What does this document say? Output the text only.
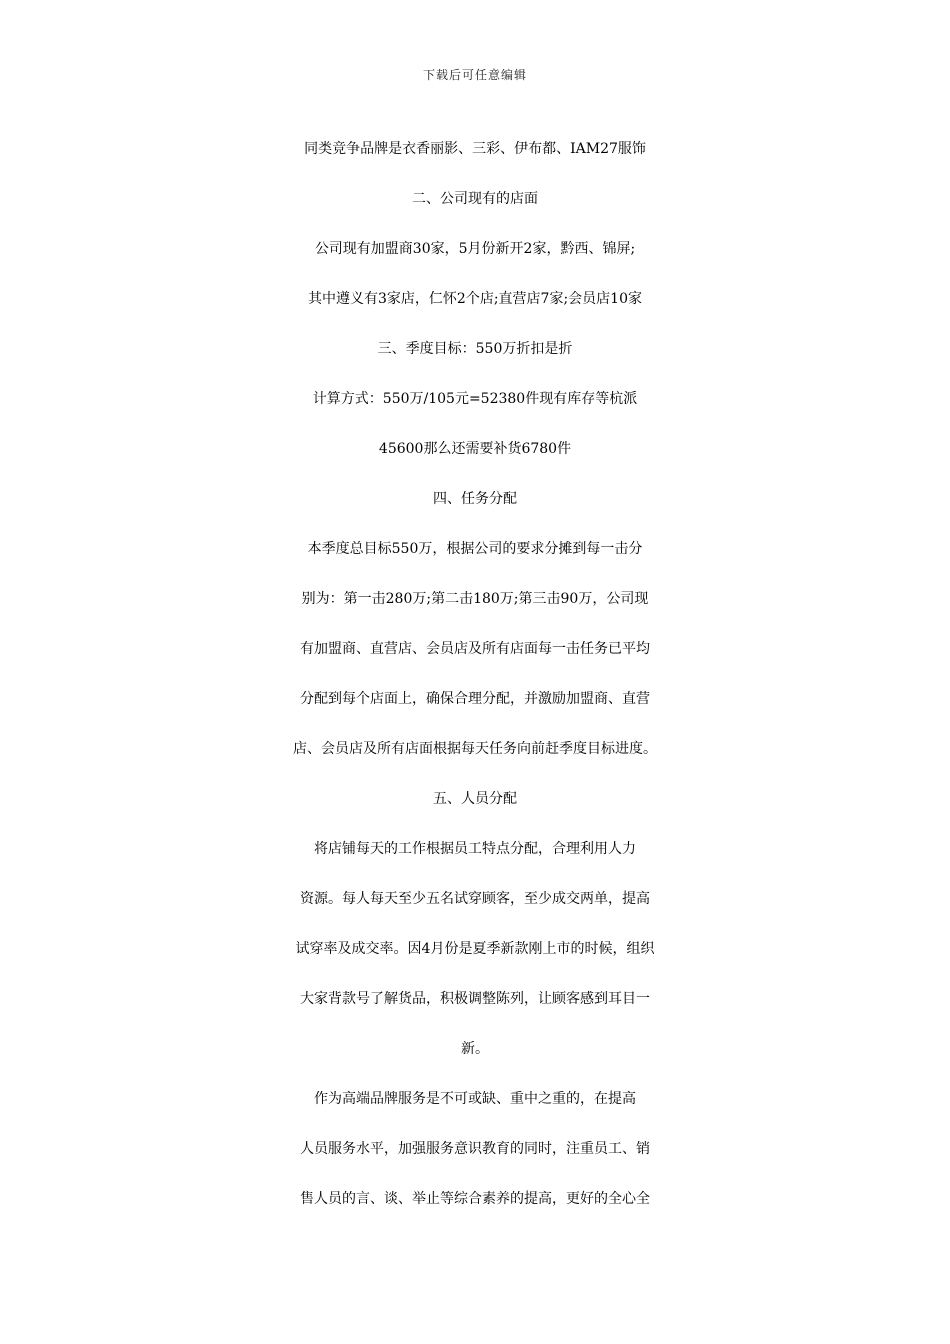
下载后可任意编辑
同类竞争品牌是衣香丽影、三彩、伊布都、IAM27服饰
二、公司现有的店面
公司现有加盟商30家，5月份新开2家，黔西、锦屏;
其中遵义有3家店，仁怀2个店;直营店7家;会员店10家
三、季度目标：550万折扣是折
计算方式：550万/105元=52380件现有库存等杭派
45600那么还需要补货6780件
四、任务分配
本季度总目标550万，根据公司的要求分摊到每一击分
别为：第一击280万;第二击180万;第三击90万，公司现
有加盟商、直营店、会员店及所有店面每一击任务已平均
分配到每个店面上，确保合理分配，并激励加盟商、直营
店、会员店及所有店面根据每天任务向前赶季度目标进度。
五、人员分配
将店铺每天的工作根据员工特点分配，合理利用人力
资源。每人每天至少五名试穿顾客，至少成交两单，提高
试穿率及成交率。因4月份是夏季新款刚上市的时候，组织
大家背款号了解货品，积极调整陈列，让顾客感到耳目一
新。
作为高端品牌服务是不可或缺、重中之重的，在提高
人员服务水平，加强服务意识教育的同时，注重员工、销
售人员的言、谈、举止等综合素养的提高，更好的全心全
